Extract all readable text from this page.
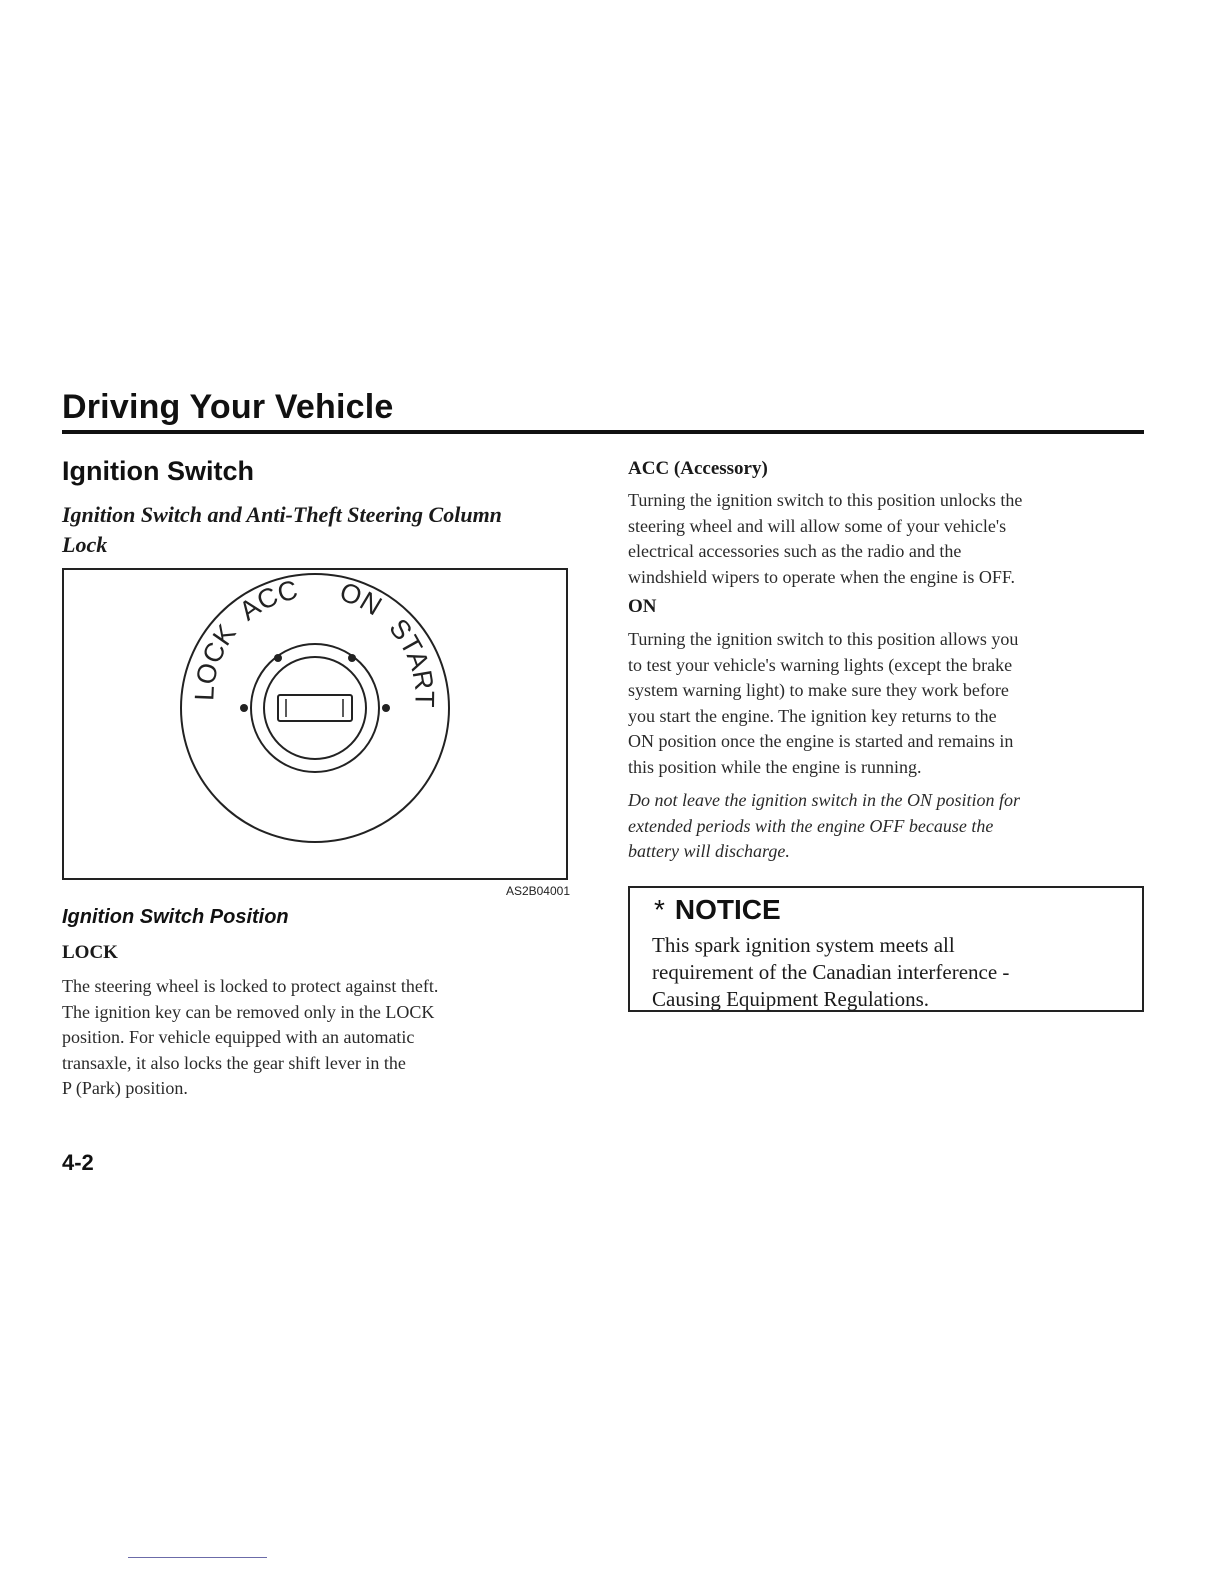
Driving Your Vehicle
Ignition Switch
Ignition Switch and Anti-Theft Steering Column Lock
LOCK
ACC ON
START
AS2B04001
Ignition Switch Position
LOCK
The steering wheel is locked to protect against theft.
The ignition key can be removed only in the LOCK
position. For vehicle equipped with an automatic
transaxle, it also locks the gear shift lever in the
P (Park) position.
4-2
ACC (Accessory)
Turning the ignition switch to this position unlocks the
steering wheel and will allow some of your vehicle's
electrical accessories such as the radio and the
windshield wipers to operate when the engine is OFF.
ON
Turning the ignition switch to this position allows you
to test your vehicle's warning lights (except the brake
system warning light) to make sure they work before
you start the engine. The ignition key returns to the
ON position once the engine is started and remains in
this position while the engine is running.
Do not leave the ignition switch in the ON position for
extended periods with the engine OFF because the
battery will discharge.
* NOTICE
This spark ignition system meets all
requirement of the Canadian interference -
Causing Equipment Regulations.
